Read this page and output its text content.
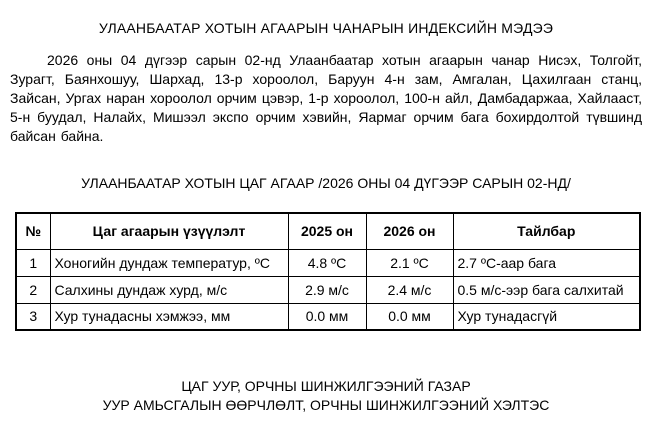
УЛААНБААТАР ХОТЫН АГААРЫН ЧАНАРЫН ИНДЕКСИЙН МЭДЭЭ

2026 оны 04 дүгээр сарын 02-нд Улаанбаатар хотын агаарын чанар Нисэх, Толгойт, Зурагт, Баянхошуу, Шархад, 13-р хороолол, Баруун 4-н зам, Амгалан, Цахилгаан станц, Зайсан, Ургах наран хороолол орчим цэвэр, 1-р хороолол, 100-н айл, Дамбадаржаа, Хайлааст, 5-н буудал, Налайх, Мишээл экспо орчим хэвийн, Яармаг орчим бага бохирдолтой түвшинд байсан байна.

УЛААНБААТАР ХОТЫН ЦАГ АГААР /2026 ОНЫ 04 ДҮГЭЭР САРЫН 02-НД/
№	Цаг агаарын үзүүлэлт	2025 он	2026 он	Тайлбар
1	Хоногийн дундаж температур, ºС	4.8 ºС	2.1 ºС	2.7 ºС-аар бага
2	Салхины дундаж хурд, м/с	2.9 м/с	2.4 м/с	0.5 м/с-ээр бага салхитай
3	Хур тунадасны хэмжээ, мм	0.0 мм	0.0 мм	Хур тунадасгүй
ЦАГ УУР, ОРЧНЫ ШИНЖИЛГЭЭНИЙ ГАЗАР
УУР АМЬСГАЛЫН ӨӨРЧЛӨЛТ, ОРЧНЫ ШИНЖИЛГЭЭНИЙ ХЭЛТЭС
